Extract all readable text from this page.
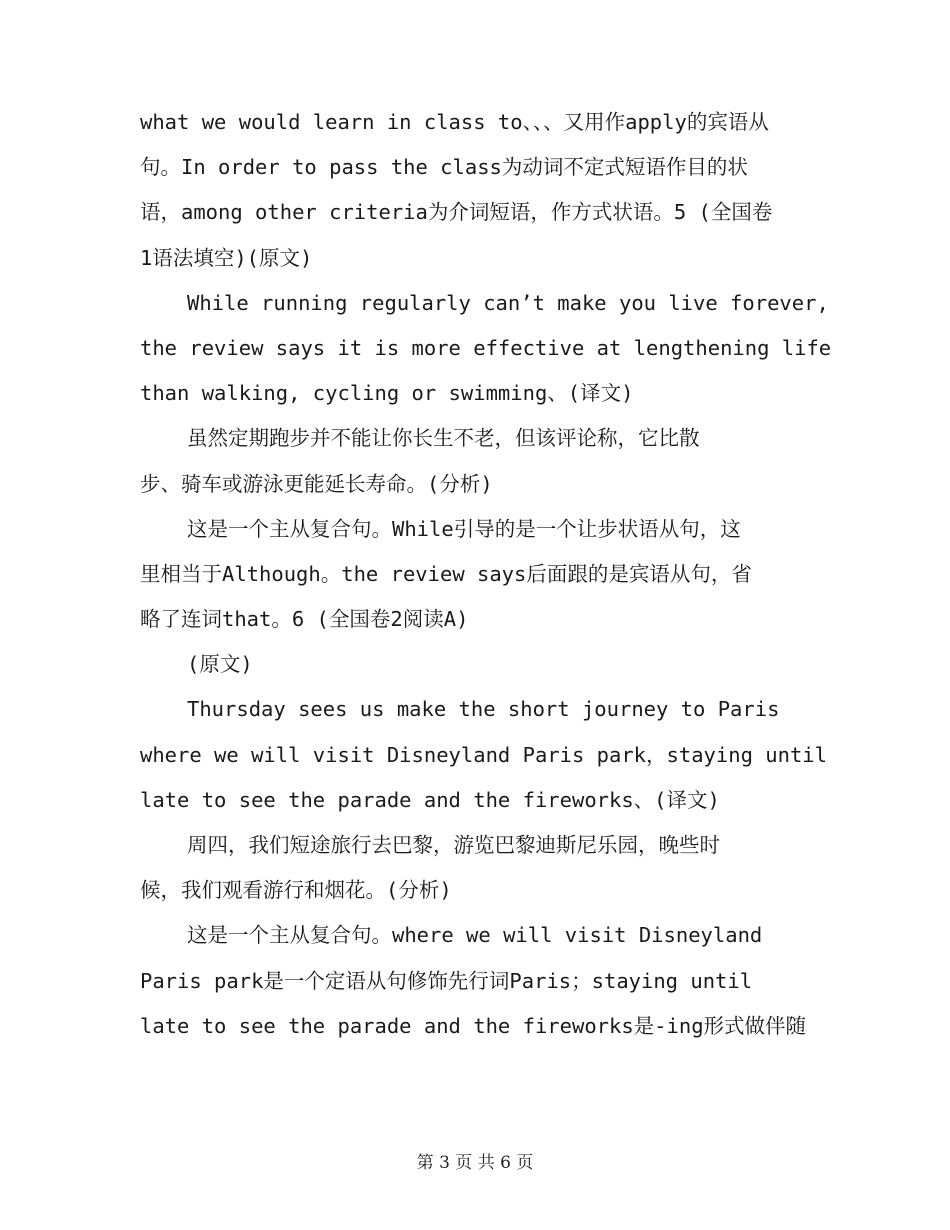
what we would learn in class to、、、又用作apply的宾语从
句。In order to pass the class为动词不定式短语作目的状
语，among other criteria为介词短语，作方式状语。5 (全国卷
1语法填空)(原文)
While running regularly can’t make you live forever,
the review says it is more effective at lengthening life
than walking, cycling or swimming、(译文)
虽然定期跑步并不能让你长生不老，但该评论称，它比散
步、骑车或游泳更能延长寿命。(分析)
这是一个主从复合句。While引导的是一个让步状语从句，这
里相当于Although。the review says后面跟的是宾语从句，省
略了连词that。6 (全国卷2阅读A)
(原文)
Thursday sees us make the short journey to Paris
where we will visit Disneyland Paris park，staying until
late to see the parade and the fireworks、(译文)
周四，我们短途旅行去巴黎，游览巴黎迪斯尼乐园，晚些时
候，我们观看游行和烟花。(分析)
这是一个主从复合句。where we will visit Disneyland
Paris park是一个定语从句修饰先行词Paris；staying until
late to see the parade and the fireworks是-ing形式做伴随
第 3 页 共 6 页
